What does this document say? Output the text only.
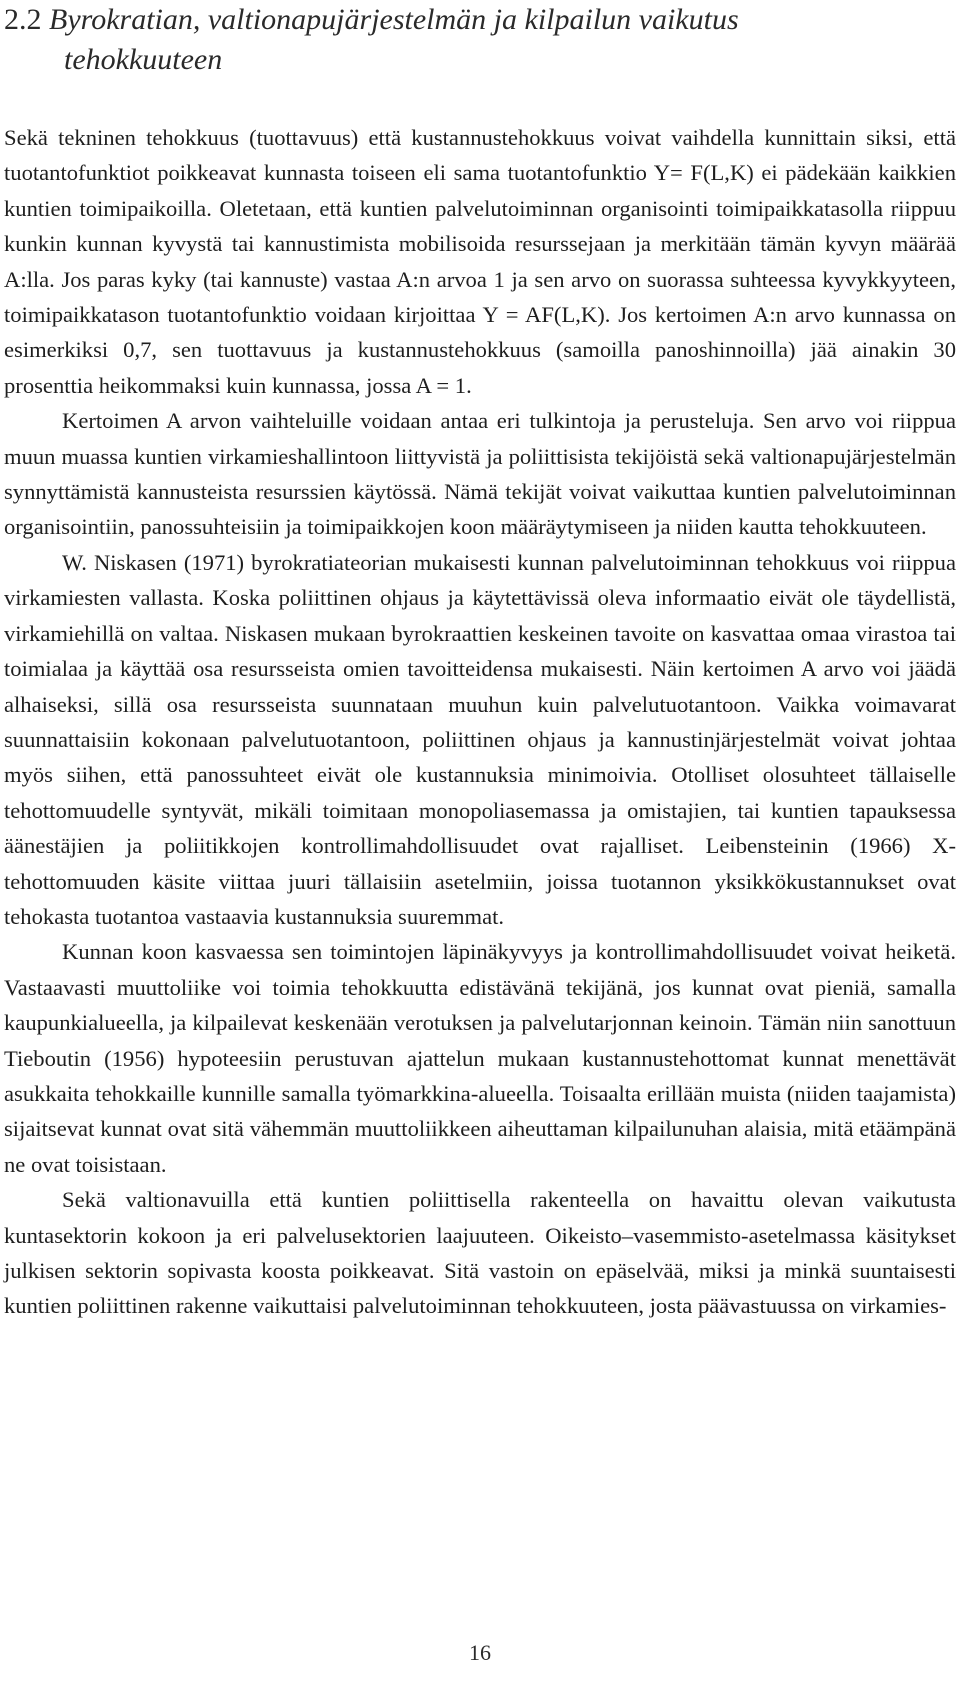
2.2 Byrokratian, valtionapujärjestelmän ja kilpailun vaikutus
tehokkuuteen

Sekä tekninen tehokkuus (tuottavuus) että kustannustehokkuus voivat vaihdella kunnittain siksi, että tuotantofunktiot poikkeavat kunnasta toiseen eli sama tuotantofunktio Y= F(L,K) ei pädekään kaikkien kuntien toimipaikoilla. Oletetaan, että kuntien palvelutoiminnan organisointi toimipaikkatasolla riippuu kunkin kunnan kyvystä tai kannustimista mobilisoida resurssejaan ja merkitään tämän kyvyn määrää A:lla. Jos paras kyky (tai kannuste) vastaa A:n arvoa 1 ja sen arvo on suorassa suhteessa kyvykkyyteen, toimipaikkatason tuotantofunktio voidaan kirjoittaa Y = AF(L,K). Jos kertoimen A:n arvo kunnassa on esimerkiksi 0,7, sen tuottavuus ja kustannustehokkuus (samoilla panoshinnoilla) jää ainakin 30 prosenttia heikommaksi kuin kunnassa, jossa A = 1.

Kertoimen A arvon vaihteluille voidaan antaa eri tulkintoja ja perusteluja. Sen arvo voi riippua muun muassa kuntien virkamieshallintoon liittyvistä ja poliittisista tekijöistä sekä valtionapujärjestelmän synnyttämistä kannusteista resurssien käytössä. Nämä tekijät voivat vaikuttaa kuntien palvelutoiminnan organisointiin, panossuhteisiin ja toimipaikkojen koon määräytymiseen ja niiden kautta tehokkuuteen.

W. Niskasen (1971) byrokratiateorian mukaisesti kunnan palvelutoiminnan tehokkuus voi riippua virkamiesten vallasta. Koska poliittinen ohjaus ja käytettävissä oleva informaatio eivät ole täydellistä, virkamiehillä on valtaa. Niskasen mukaan byrokraattien keskeinen tavoite on kasvattaa omaa virastoa tai toimialaa ja käyttää osa resursseista omien tavoitteidensa mukaisesti. Näin kertoimen A arvo voi jäädä alhaiseksi, sillä osa resursseista suunnataan muuhun kuin palvelutuotantoon. Vaikka voimavarat suunnattaisiin kokonaan palvelutuotantoon, poliittinen ohjaus ja kannustinjärjestelmät voivat johtaa myös siihen, että panossuhteet eivät ole kustannuksia minimoivia. Otolliset olosuhteet tällaiselle tehottomuudelle syntyvät, mikäli toimitaan monopoliasemassa ja omistajien, tai kuntien tapauksessa äänestäjien ja poliitikkojen kontrollimahdollisuudet ovat rajalliset. Leibensteinin (1966) X-tehottomuuden käsite viittaa juuri tällaisiin asetelmiin, joissa tuotannon yksikkökustannukset ovat tehokasta tuotantoa vastaavia kustannuksia suuremmat.

Kunnan koon kasvaessa sen toimintojen läpinäkyvyys ja kontrollimahdollisuudet voivat heiketä. Vastaavasti muuttoliike voi toimia tehokkuutta edistävänä tekijänä, jos kunnat ovat pieniä, samalla kaupunkialueella, ja kilpailevat keskenään verotuksen ja palvelutarjonnan keinoin. Tämän niin sanottuun Tieboutin (1956) hypoteesiin perustuvan ajattelun mukaan kustannustehottomat kunnat menettävät asukkaita tehokkaille kunnille samalla työmarkkina-alueella. Toisaalta erillään muista (niiden taajamista) sijaitsevat kunnat ovat sitä vähemmän muuttoliikkeen aiheuttaman kilpailunuhan alaisia, mitä etäämpänä ne ovat toisistaan.

Sekä valtionavuilla että kuntien poliittisella rakenteella on havaittu olevan vaikutusta kuntasektorin kokoon ja eri palvelusektorien laajuuteen. Oikeisto–vasemmisto-asetelmassa käsitykset julkisen sektorin sopivasta koosta poikkeavat. Sitä vastoin on epäselvää, miksi ja minkä suuntaisesti kuntien poliittinen rakenne vaikuttaisi palvelutoiminnan tehokkuuteen, josta päävastuussa on virkamies-

16
